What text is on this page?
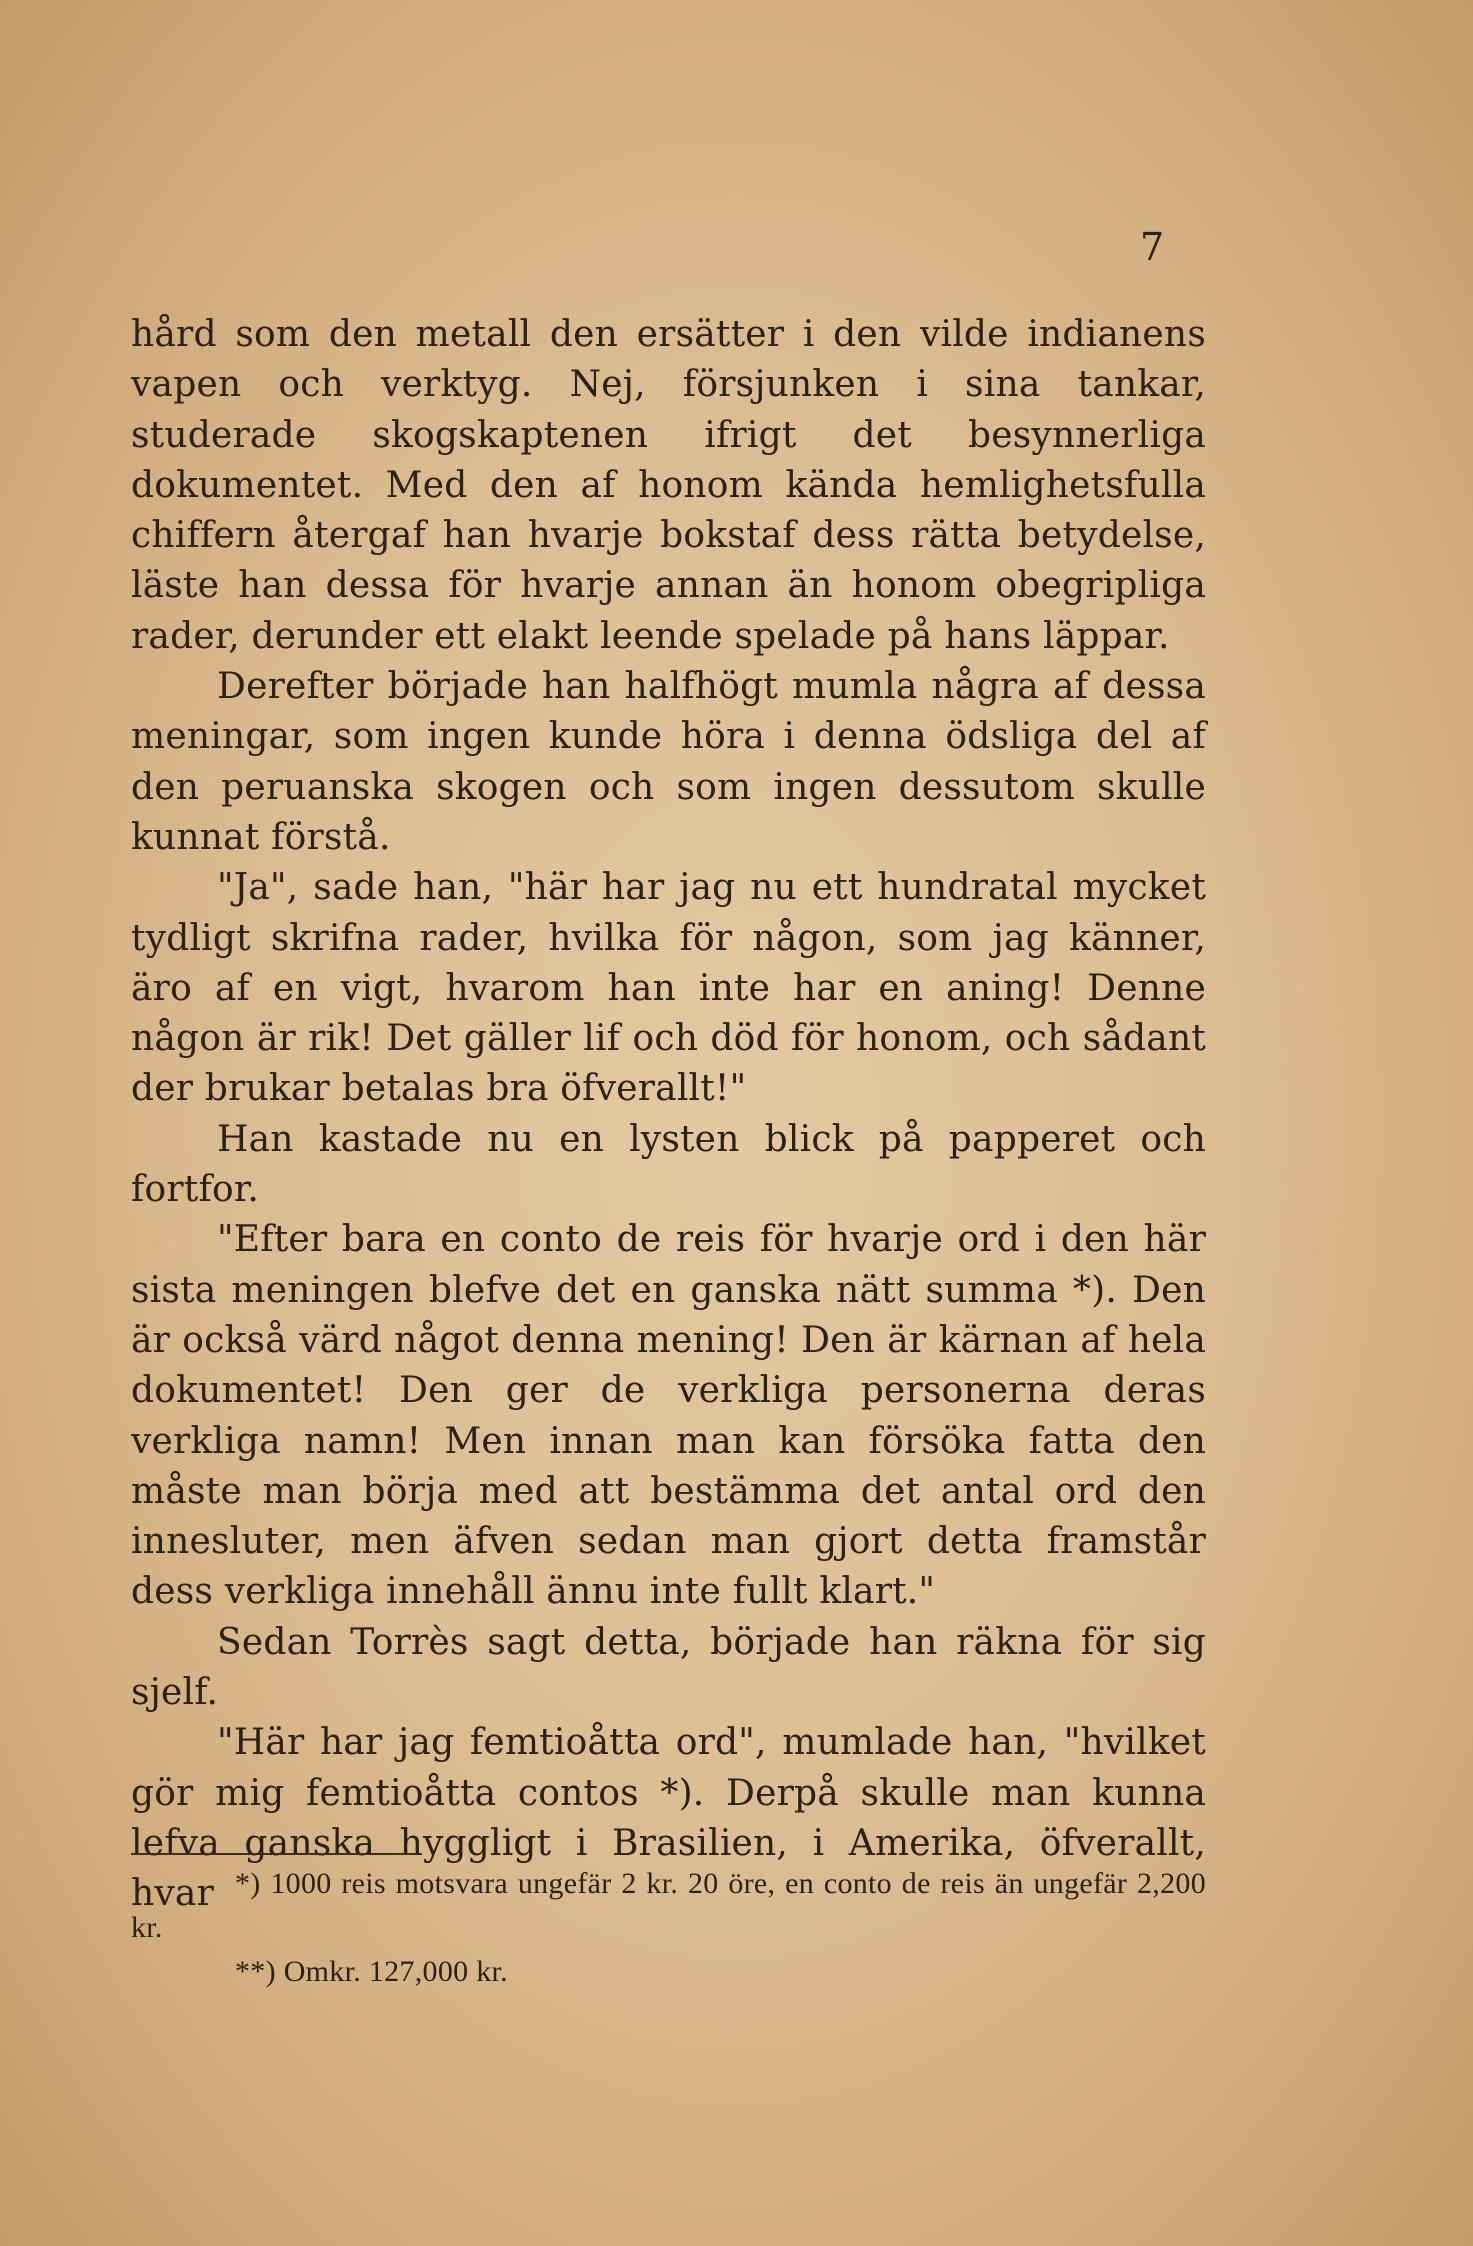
7

hård som den metall den ersätter i den vilde indianens vapen och verktyg. Nej, försjunken i sina tankar, studerade skogskaptenen ifrigt det besynnerliga dokumentet. Med den af honom kända hemlighetsfulla chiffern återgaf han hvarje bokstaf dess rätta betydelse, läste han dessa för hvarje annan än honom obegripliga rader, derunder ett elakt leende spelade på hans läppar.

Derefter började han halfhögt mumla några af dessa meningar, som ingen kunde höra i denna ödsliga del af den peruanska skogen och som ingen dessutom skulle kunnat förstå.

"Ja", sade han, "här har jag nu ett hundratal mycket tydligt skrifna rader, hvilka för någon, som jag känner, äro af en vigt, hvarom han inte har en aning! Denne någon är rik! Det gäller lif och död för honom, och sådant der brukar betalas bra öfverallt!"

Han kastade nu en lysten blick på papperet och fortfor.

"Efter bara en conto de reis för hvarje ord i den här sista meningen blefve det en ganska nätt summa *). Den är också värd något denna mening! Den är kärnan af hela dokumentet! Den ger de verkliga personerna deras verkliga namn! Men innan man kan försöka fatta den måste man börja med att bestämma det antal ord den innesluter, men äfven sedan man gjort detta framstår dess verkliga innehåll ännu inte fullt klart."

Sedan Torrès sagt detta, började han räkna för sig sjelf.

"Här har jag femtioåtta ord", mumlade han, "hvilket gör mig femtioåtta contos *). Derpå skulle man kunna lefva ganska hyggligt i Brasilien, i Amerika, öfverallt, hvar *) 1000 reis motsvara ungefär 2 kr. 20 öre, en conto de reis än ungefär 2,200 kr.

**) Omkr. 127,000 kr.
